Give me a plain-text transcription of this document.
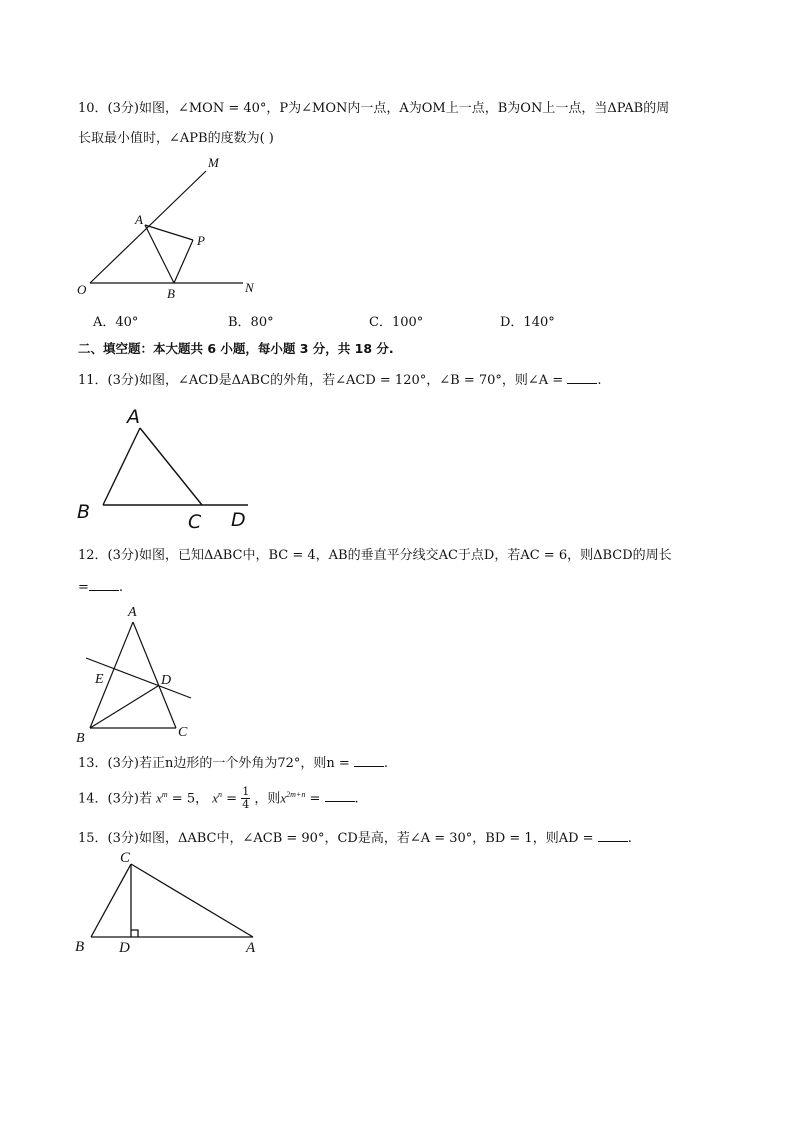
10．(3分)如图，∠MON = 40°，P为∠MON内一点，A为OM上一点，B为ON上一点，当ΔPAB的周
长取最小值时，∠APB的度数为( )
M
A
P
O	B	N
A．40°	B．80°	C．100°	D．140°
二、填空题：本大题共 6 小题，每小题 3 分，共 18 分.
11．(3分)如图，∠ACD是ΔABC的外角，若∠ACD = 120°，∠B = 70°，则∠A =	.
A
B	C D
12．(3分)如图，已知ΔABC中，BC = 4，AB的垂直平分线交AC于点D，若AC = 6，则ΔBCD的周长
= .
A
E	D
B	C
13．(3分)若正n边形的一个外角为72°，则n =	.
14．(3分)若 $x^m = 5$， $x^n = \frac{1}{4}$ ，则$x^{2m+n}$ =	.
15．(3分)如图，ΔABC中，∠ACB = 90°，CD是高，若∠A = 30°，BD = 1，则AD =	.
C
B D	A
